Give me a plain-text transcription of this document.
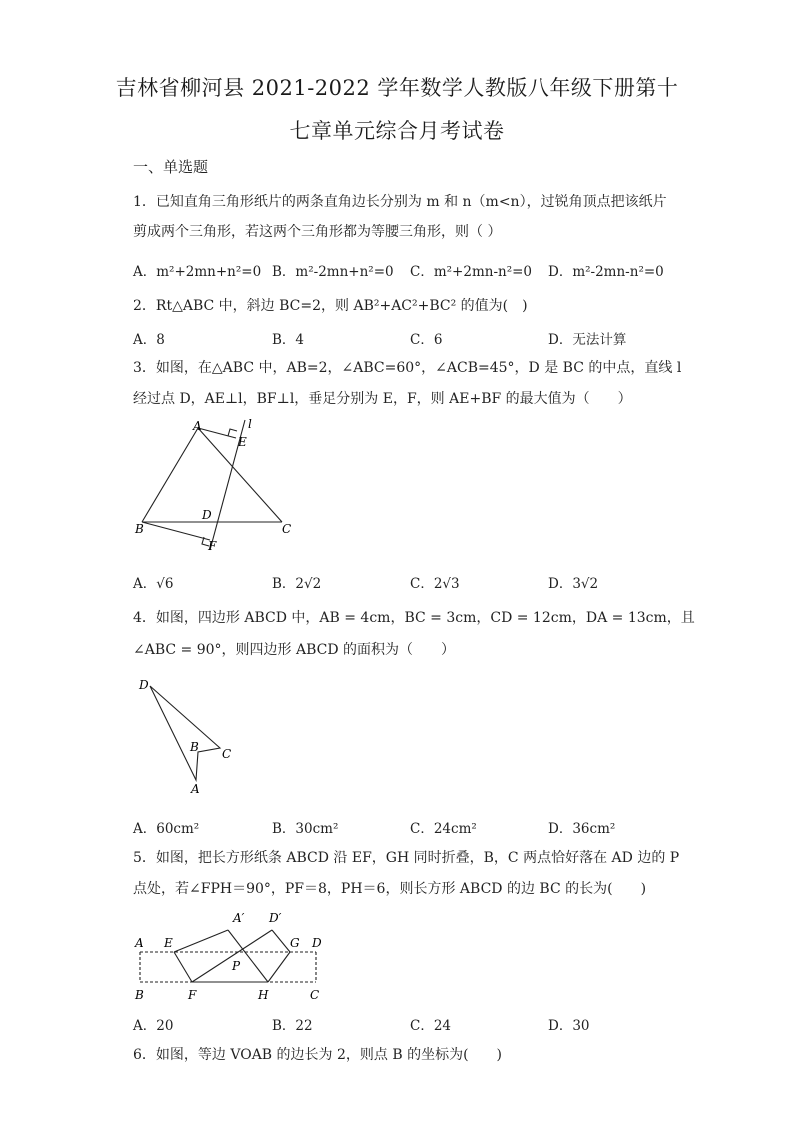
吉林省柳河县 2021-2022 学年数学人教版八年级下册第十
七章单元综合月考试卷
一、单选题
1．已知直角三角形纸片的两条直角边长分别为 m 和 n（m<n），过锐角顶点把该纸片
剪成两个三角形，若这两个三角形都为等腰三角形，则（ ）
A．m²+2mn+n²=0 B．m²-2mn+n²=0 C．m²+2mn-n²=0 D．m²-2mn-n²=0
2．Rt△ABC 中，斜边 BC=2，则 AB²+AC²+BC² 的值为(　)
A．8	B．4	C．6	D．无法计算
3．如图，在△ABC 中，AB=2，∠ABC=60°，∠ACB=45°，D 是 BC 的中点，直线 l
经过点 D，AE⊥l，BF⊥l，垂足分别为 E，F，则 AE+BF 的最大值为（　　）
A
E
l
B
D
C
F
A．√6	B．2√2	C．2√3	D．3√2
4．如图，四边形 ABCD 中，AB = 4cm，BC = 3cm，CD = 12cm，DA = 13cm，且
∠ABC = 90°，则四边形 ABCD 的面积为（　　）
D
B C
A
A．60cm²	B．30cm²	C．24cm²	D．36cm²
5．如图，把长方形纸条 ABCD 沿 EF，GH 同时折叠，B，C 两点恰好落在 AD 边的 P
点处，若∠FPH＝90°，PF＝8，PH＝6，则长方形 ABCD 的边 BC 的长为(　　)
A′ D′
A E	G D
P
B	F	H	C
A．20	B．22	C．24	D．30
6．如图，等边 VOAB 的边长为 2，则点 B 的坐标为(　　)
